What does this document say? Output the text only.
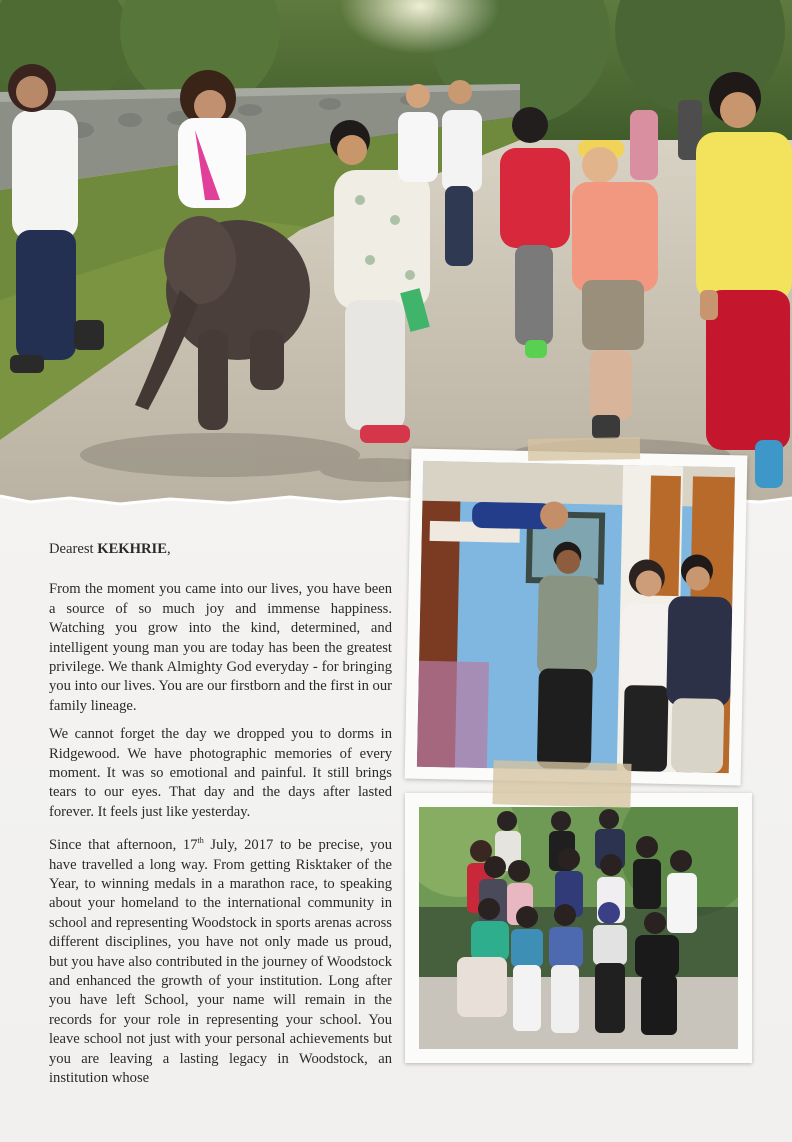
Dearest KEKHRIE,

From the moment you came into our lives, you have been a source of so much joy and immense happiness. Watching you grow into the kind, determined, and intelligent young man you are today has been the greatest privilege. We thank Almighty God everyday - for bringing you into our lives. You are our firstborn and the first in our family lineage.

We cannot forget the day we dropped you to dorms in Ridgewood. We have photographic memories of every moment. It was so emotional and painful. It still brings tears to our eyes. That day and the days after lasted forever. It feels just like yesterday.

Since that afternoon, 17th July, 2017 to be precise, you have travelled a long way. From getting Risktaker of the Year, to winning medals in a marathon race, to speaking about your homeland to the international community in school and representing Woodstock in sports arenas across different disciplines, you have not only made us proud, but you have also contributed in the journey of Woodstock and enhanced the growth of your institution. Long after you have left School, your name will remain in the records for your role in representing your school. You leave school not just with your personal achievements but you are leaving a lasting legacy in Woodstock, an institution whose
